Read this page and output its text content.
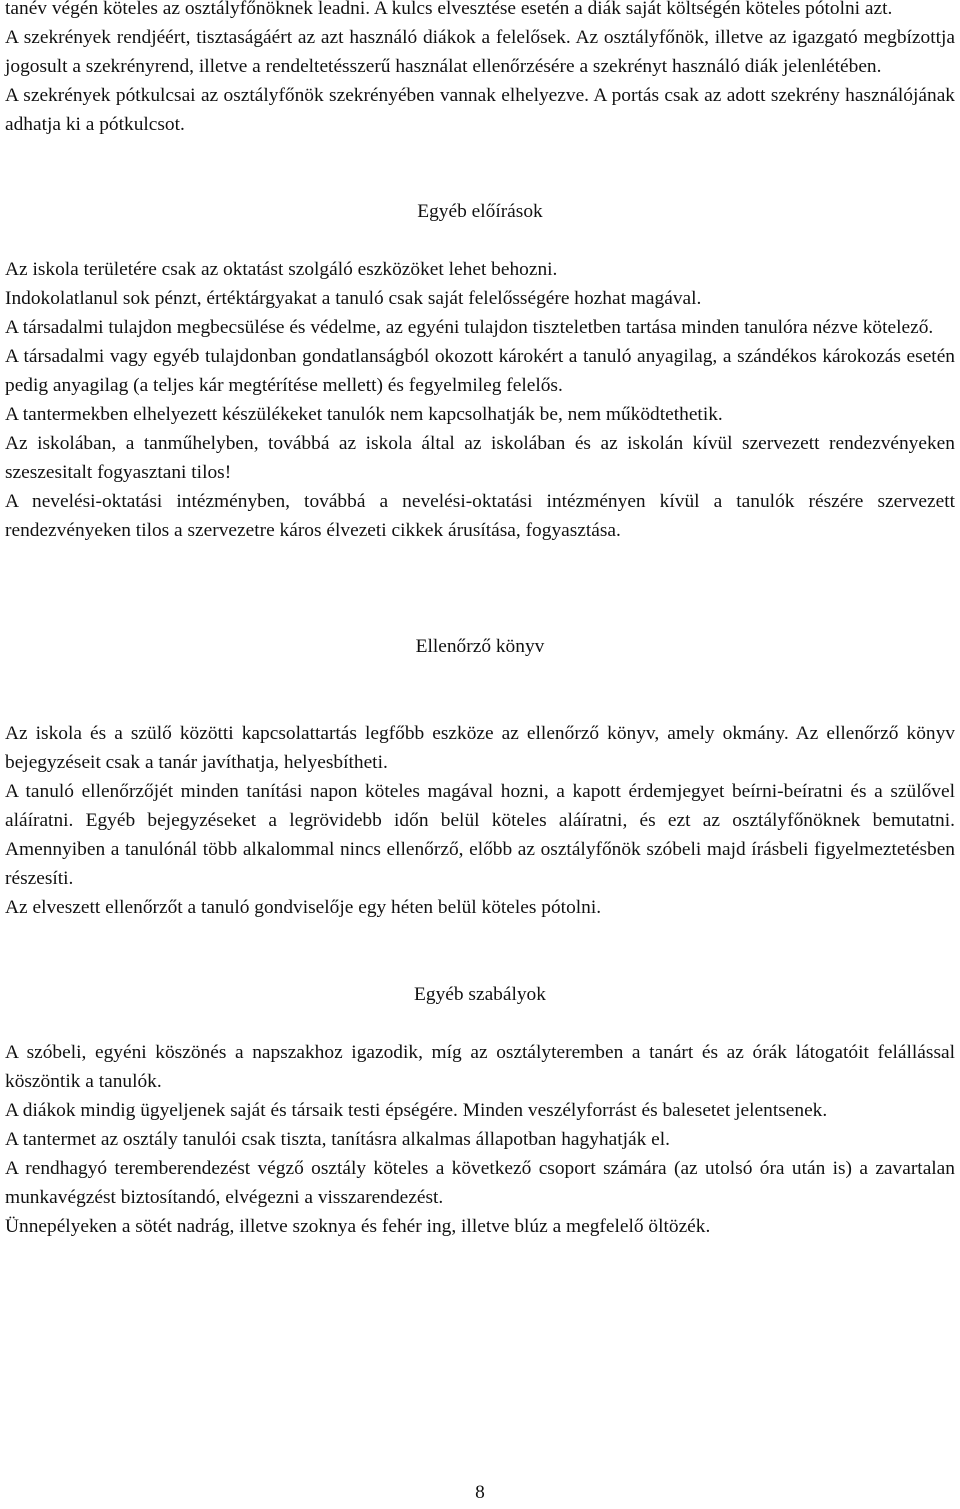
tanév végén köteles az osztályfőnöknek leadni. A kulcs elvesztése esetén a diák saját költségén köteles pótolni azt.

A szekrények rendjéért, tisztaságáért az azt használó diákok a felelősek. Az osztályfőnök, illetve az igazgató megbízottja jogosult a szekrényrend, illetve a rendeltetésszerű használat ellenőrzésére a szekrényt használó diák jelenlétében.

A szekrények pótkulcsai az osztályfőnök szekrényében vannak elhelyezve. A portás csak az adott szekrény használójának adhatja ki a pótkulcsot.

Egyéb előírások

Az iskola területére csak az oktatást szolgáló eszközöket lehet behozni.

Indokolatlanul sok pénzt, értéktárgyakat a tanuló csak saját felelősségére hozhat magával.

A társadalmi tulajdon megbecsülése és védelme, az egyéni tulajdon tiszteletben tartása minden tanulóra nézve kötelező.

A társadalmi vagy egyéb tulajdonban gondatlanságból okozott károkért a tanuló anyagilag, a szándékos károkozás esetén pedig anyagilag (a teljes kár megtérítése mellett) és fegyelmileg felelős.

A tantermekben elhelyezett készülékeket tanulók nem kapcsolhatják be, nem működtethetik.

Az iskolában, a tanműhelyben, továbbá az iskola által az iskolában és az iskolán kívül szervezett rendezvényeken szeszesitalt fogyasztani tilos!

A nevelési-oktatási intézményben, továbbá a nevelési-oktatási intézményen kívül a tanulók részére szervezett rendezvényeken tilos a szervezetre káros élvezeti cikkek árusítása, fogyasztása.

Ellenőrző könyv

Az iskola és a szülő közötti kapcsolattartás legfőbb eszköze az ellenőrző könyv, amely okmány. Az ellenőrző könyv bejegyzéseit csak a tanár javíthatja, helyesbítheti.

A tanuló ellenőrzőjét minden tanítási napon köteles magával hozni, a kapott érdemjegyet beírni-beíratni és a szülővel aláíratni. Egyéb bejegyzéseket a legrövidebb időn belül köteles aláíratni, és ezt az osztályfőnöknek bemutatni. Amennyiben a tanulónál több alkalommal nincs ellenőrző, előbb az osztályfőnök szóbeli majd írásbeli figyelmeztetésben részesíti.

Az elveszett ellenőrzőt a tanuló gondviselője egy héten belül köteles pótolni.

Egyéb szabályok

A szóbeli, egyéni köszönés a napszakhoz igazodik, míg az osztályteremben a tanárt és az órák látogatóit felállással köszöntik a tanulók.

A diákok mindig ügyeljenek saját és társaik testi épségére. Minden veszélyforrást és balesetet jelentsenek.

A tantermet az osztály tanulói csak tiszta, tanításra alkalmas állapotban hagyhatják el.

A rendhagyó teremberendezést végző osztály köteles a következő csoport számára (az utolsó óra után is) a zavartalan munkavégzést biztosítandó, elvégezni a visszarendezést.

Ünnepélyeken a sötét nadrág, illetve szoknya és fehér ing, illetve blúz a megfelelő öltözék.

8
